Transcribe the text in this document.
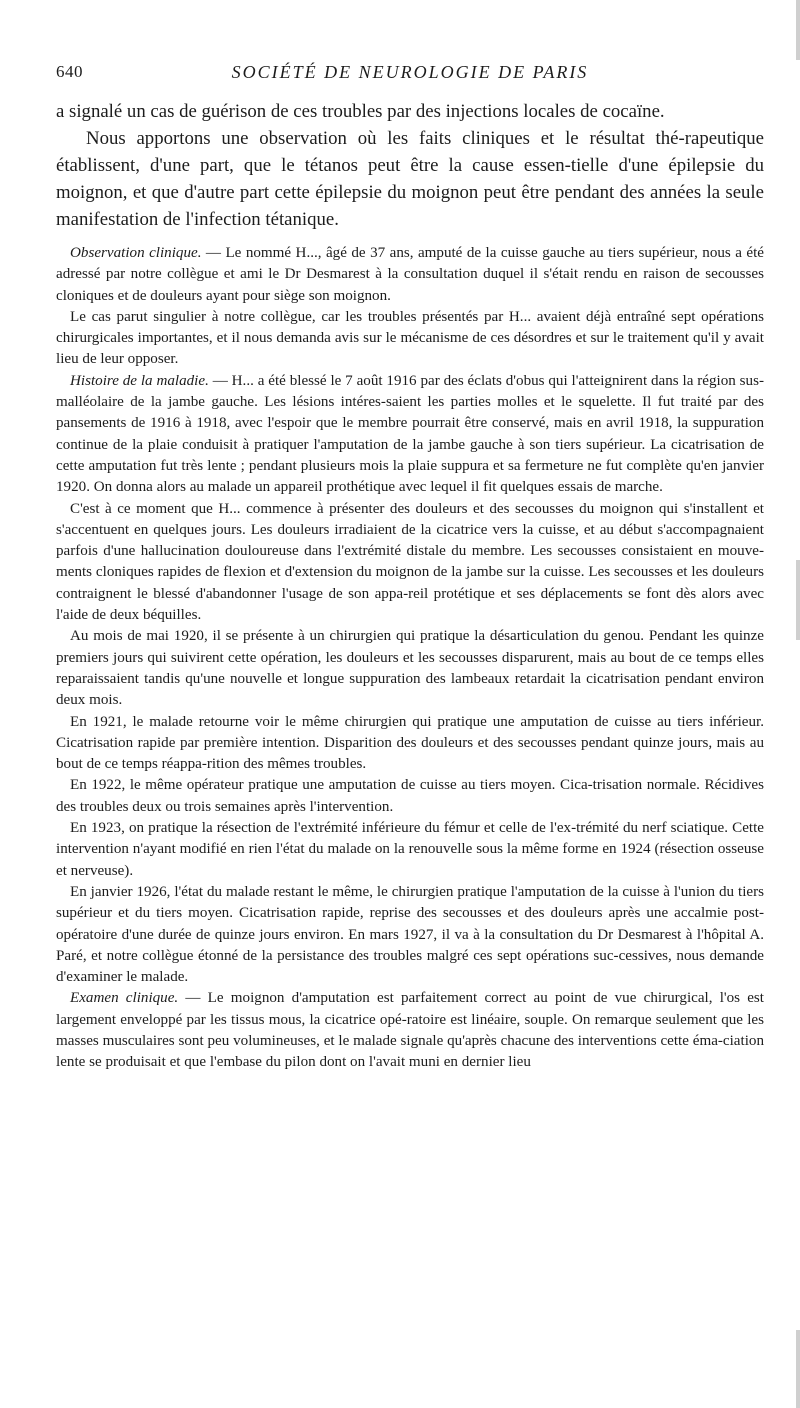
640	SOCIÉTÉ DE NEUROLOGIE DE PARIS

a signalé un cas de guérison de ces troubles par des injections locales de cocaïne.

Nous apportons une observation où les faits cliniques et le résultat thé-rapeutique établissent, d'une part, que le tétanos peut être la cause essen-tielle d'une épilepsie du moignon, et que d'autre part cette épilepsie du moignon peut être pendant des années la seule manifestation de l'infection tétanique.

Observation clinique. — Le nommé H..., âgé de 37 ans, amputé de la cuisse gauche au tiers supérieur, nous a été adressé par notre collègue et ami le Dr Desmarest à la consultation duquel il s'était rendu en raison de secousses cloniques et de douleurs ayant pour siège son moignon.

Le cas parut singulier à notre collègue, car les troubles présentés par H... avaient déjà entraîné sept opérations chirurgicales importantes, et il nous demanda avis sur le mécanisme de ces désordres et sur le traitement qu'il y avait lieu de leur opposer.

Histoire de la maladie. — H... a été blessé le 7 août 1916 par des éclats d'obus qui l'atteignirent dans la région sus-malléolaire de la jambe gauche. Les lésions intéres-saient les parties molles et le squelette. Il fut traité par des pansements de 1916 à 1918, avec l'espoir que le membre pourrait être conservé, mais en avril 1918, la suppuration continue de la plaie conduisit à pratiquer l'amputation de la jambe gauche à son tiers supérieur. La cicatrisation de cette amputation fut très lente ; pendant plusieurs mois la plaie suppura et sa fermeture ne fut complète qu'en janvier 1920. On donna alors au malade un appareil prothétique avec lequel il fit quelques essais de marche.

C'est à ce moment que H... commence à présenter des douleurs et des secousses du moignon qui s'installent et s'accentuent en quelques jours. Les douleurs irradiaient de la cicatrice vers la cuisse, et au début s'accompagnaient parfois d'une hallucination douloureuse dans l'extrémité distale du membre. Les secousses consistaient en mouve-ments cloniques rapides de flexion et d'extension du moignon de la jambe sur la cuisse. Les secousses et les douleurs contraignent le blessé d'abandonner l'usage de son appa-reil protétique et ses déplacements se font dès alors avec l'aide de deux béquilles.

Au mois de mai 1920, il se présente à un chirurgien qui pratique la désarticulation du genou. Pendant les quinze premiers jours qui suivirent cette opération, les douleurs et les secousses disparurent, mais au bout de ce temps elles reparaissaient tandis qu'une nouvelle et longue suppuration des lambeaux retardait la cicatrisation pendant environ deux mois.

En 1921, le malade retourne voir le même chirurgien qui pratique une amputation de cuisse au tiers inférieur. Cicatrisation rapide par première intention. Disparition des douleurs et des secousses pendant quinze jours, mais au bout de ce temps réappa-rition des mêmes troubles.

En 1922, le même opérateur pratique une amputation de cuisse au tiers moyen. Cica-trisation normale. Récidives des troubles deux ou trois semaines après l'intervention.

En 1923, on pratique la résection de l'extrémité inférieure du fémur et celle de l'ex-trémité du nerf sciatique. Cette intervention n'ayant modifié en rien l'état du malade on la renouvelle sous la même forme en 1924 (résection osseuse et nerveuse).

En janvier 1926, l'état du malade restant le même, le chirurgien pratique l'amputation de la cuisse à l'union du tiers supérieur et du tiers moyen. Cicatrisation rapide, reprise des secousses et des douleurs après une accalmie post-opératoire d'une durée de quinze jours environ. En mars 1927, il va à la consultation du Dr Desmarest à l'hôpital A. Paré, et notre collègue étonné de la persistance des troubles malgré ces sept opérations suc-cessives, nous demande d'examiner le malade.

Examen clinique. — Le moignon d'amputation est parfaitement correct au point de vue chirurgical, l'os est largement enveloppé par les tissus mous, la cicatrice opé-ratoire est linéaire, souple. On remarque seulement que les masses musculaires sont peu volumineuses, et le malade signale qu'après chacune des interventions cette éma-ciation lente se produisait et que l'embase du pilon dont on l'avait muni en dernier lieu
